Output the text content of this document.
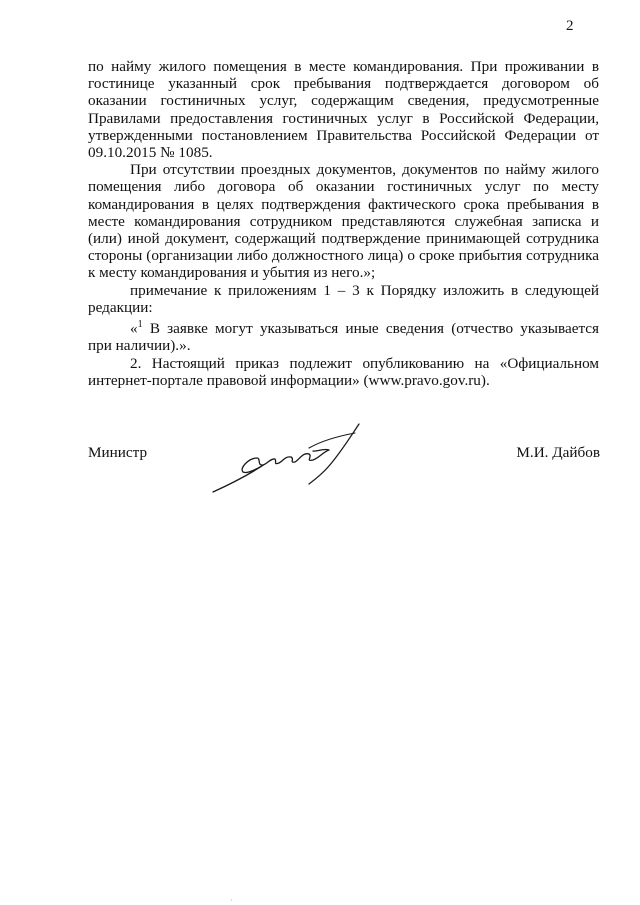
2

по найму жилого помещения в месте командирования. При проживании в гостинице указанный срок пребывания подтверждается договором об оказании гостиничных услуг, содержащим сведения, предусмотренные Правилами предоставления гостиничных услуг в Российской Федерации, утвержденными постановлением Правительства Российской Федерации от 09.10.2015 № 1085.

При отсутствии проездных документов, документов по найму жилого помещения либо договора об оказании гостиничных услуг по месту командирования в целях подтверждения фактического срока пребывания в месте командирования сотрудником представляются служебная записка и (или) иной документ, содержащий подтверждение принимающей сотрудника стороны (организации либо должностного лица) о сроке прибытия сотрудника к месту командирования и убытия из него.»;

примечание к приложениям 1 – 3 к Порядку изложить в следующей редакции:

«$^1$ В заявке могут указываться иные сведения (отчество указывается при наличии).».

2. Настоящий приказ подлежит опубликованию на «Официальном интернет-портале правовой информации» (www.pravo.gov.ru).

Министр	М.И. Дайбов
·
